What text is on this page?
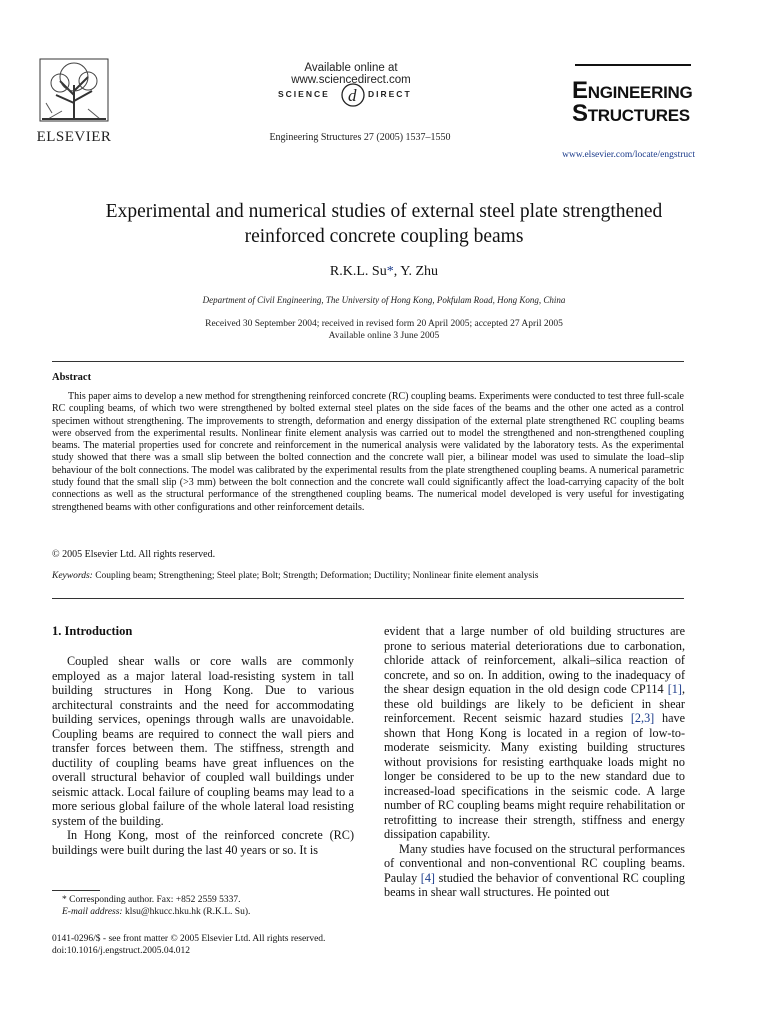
ELSEVIER
Available online at www.sciencedirect.com
SCIENCE d DIRECT
Engineering Structures 27 (2005) 1537–1550
ENGINEERING
STRUCTURES
www.elsevier.com/locate/engstruct
Experimental and numerical studies of external steel plate strengthened
reinforced concrete coupling beams
R.K.L. Su*, Y. Zhu
Department of Civil Engineering, The University of Hong Kong, Pokfulam Road, Hong Kong, China
Received 30 September 2004; received in revised form 20 April 2005; accepted 27 April 2005
Available online 3 June 2005
Abstract
This paper aims to develop a new method for strengthening reinforced concrete (RC) coupling beams. Experiments were conducted to test three full-scale RC coupling beams, of which two were strengthened by bolted external steel plates on the side faces of the beams and the other one acted as a control specimen without strengthening. The improvements to strength, deformation and energy dissipation of the external plate strengthened RC coupling beams were observed from the experimental results. Nonlinear finite element analysis was carried out to model the strengthened and non-strengthened coupling beams. The material properties used for concrete and reinforcement in the numerical analysis were validated by the laboratory tests. As the experimental study showed that there was a small slip between the bolted connection and the concrete wall pier, a bilinear model was used to simulate the load–slip behaviour of the bolt connections. The model was calibrated by the experimental results from the plate strengthened coupling beams. A numerical parametric study found that the small slip (>3 mm) between the bolt connection and the concrete wall could significantly affect the load-carrying capacity of the bolt connections as well as the structural performance of the strengthened coupling beams. The numerical model developed is very useful for investigating strengthened beams with other configurations and other reinforcement details.
© 2005 Elsevier Ltd. All rights reserved.
Keywords: Coupling beam; Strengthening; Steel plate; Bolt; Strength; Deformation; Ductility; Nonlinear finite element analysis
1. Introduction

Coupled shear walls or core walls are commonly employed as a major lateral load-resisting system in tall building structures in Hong Kong. Due to various architectural constraints and the need for accommodating building services, openings through walls are unavoidable. Coupling beams are required to connect the wall piers and transfer forces between them. The stiffness, strength and ductility of coupling beams have great influences on the overall structural behavior of coupled wall buildings under seismic attack. Local failure of coupling beams may lead to a more serious global failure of the whole lateral load resisting system of the building.

In Hong Kong, most of the reinforced concrete (RC) buildings were built during the last 40 years or so. It is

evident that a large number of old building structures are prone to serious material deteriorations due to carbonation, chloride attack of reinforcement, alkali–silica reaction of concrete, and so on. In addition, owing to the inadequacy of the shear design equation in the old design code CP114 [1], these old buildings are likely to be deficient in shear reinforcement. Recent seismic hazard studies [2,3] have shown that Hong Kong is located in a region of low-to-moderate seismicity. Many existing building structures without provisions for resisting earthquake loads might no longer be considered to be up to the new standard due to increased-load specifications in the seismic code. A large number of RC coupling beams might require rehabilitation or retrofitting to increase their strength, stiffness and energy dissipation capability.

Many studies have focused on the structural performances of conventional and non-conventional RC coupling beams. Paulay [4] studied the behavior of conventional RC coupling beams in shear wall structures. He pointed out

* Corresponding author. Fax: +852 2559 5337.
E-mail address: klsu@hkucc.hku.hk (R.K.L. Su).
0141-0296/$ - see front matter © 2005 Elsevier Ltd. All rights reserved.
doi:10.1016/j.engstruct.2005.04.012
